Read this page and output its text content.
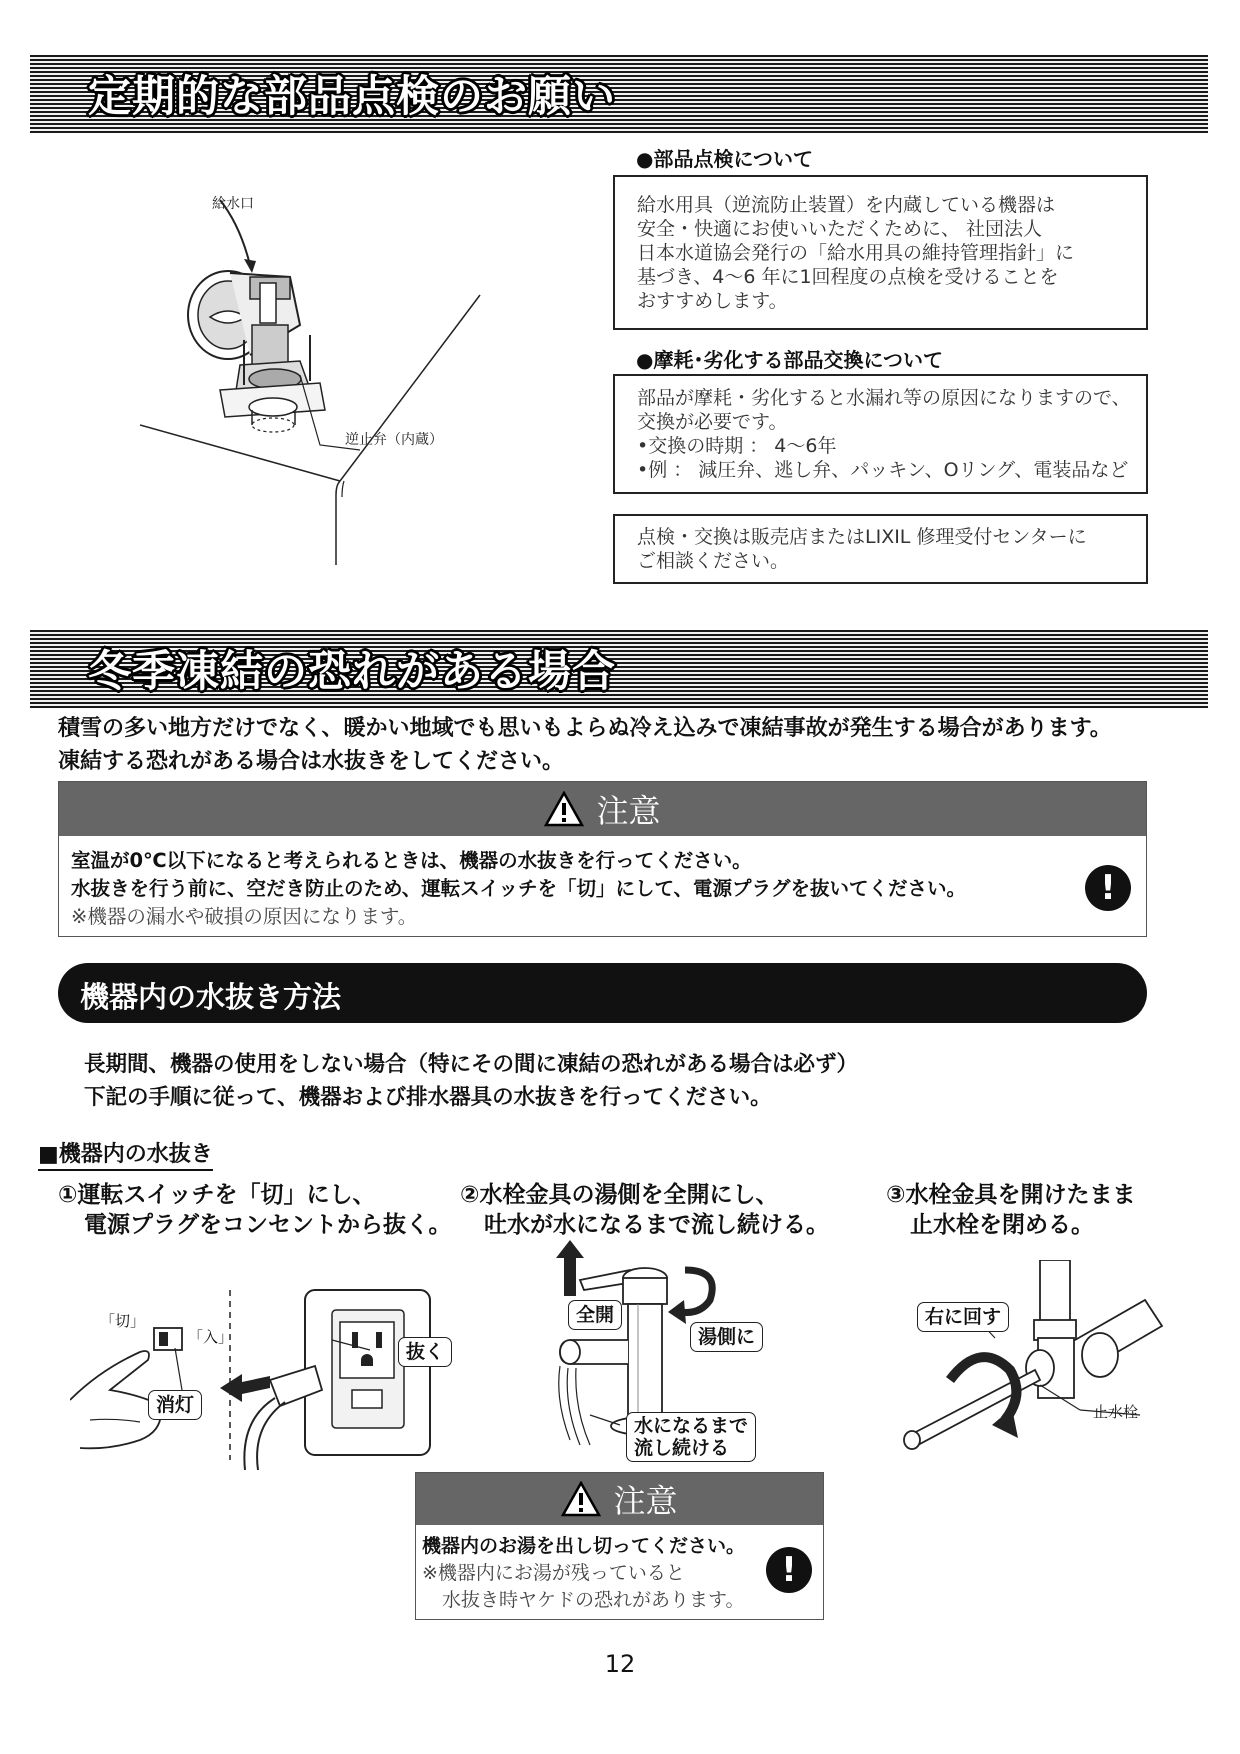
定期的な部品点検のお願い
給水口
逆止弁（内蔵）
●部品点検について
給水用具（逆流防止装置）を内蔵している機器は
安全・快適にお使いいただくために、 社団法人
日本水道協会発行の「給水用具の維持管理指針」に
基づき、4〜6 年に1回程度の点検を受けることを
おすすめします。
●摩耗･劣化する部品交換について
部品が摩耗・劣化すると水漏れ等の原因になりますので、
交換が必要です。
•交換の時期 ： 4〜6年
•例 ： 減圧弁、逃し弁、パッキン、Oリング、電装品など
点検・交換は販売店またはLIXIL 修理受付センターに
ご相談ください。
冬季凍結の恐れがある場合
積雪の多い地方だけでなく、暖かい地域でも思いもよらぬ冷え込みで凍結事故が発生する場合があります。
凍結する恐れがある場合は水抜きをしてください。
注意
室温が0℃以下になると考えられるときは、機器の水抜きを行ってください。
水抜きを行う前に、空だき防止のため、運転スイッチを「切」にして、電源プラグを抜いてください。
※機器の漏水や破損の原因になります。
!
機器内の水抜き方法
長期間、機器の使用をしない場合（特にその間に凍結の恐れがある場合は必ず）
下記の手順に従って、機器および排水器具の水抜きを行ってください。
■機器内の水抜き
①運転スイッチを「切」にし、
電源プラグをコンセントから抜く。
②水栓金具の湯側を全開にし、
吐水が水になるまで流し続ける。
③水栓金具を開けたまま
止水栓を閉める。
「切」
「入」
消灯
抜く
全開
湯側に
水になるまで
流し続ける
右に回す
止水栓
注意
機器内のお湯を出し切ってください。
※機器内にお湯が残っていると
水抜き時ヤケドの恐れがあります。
!
12
